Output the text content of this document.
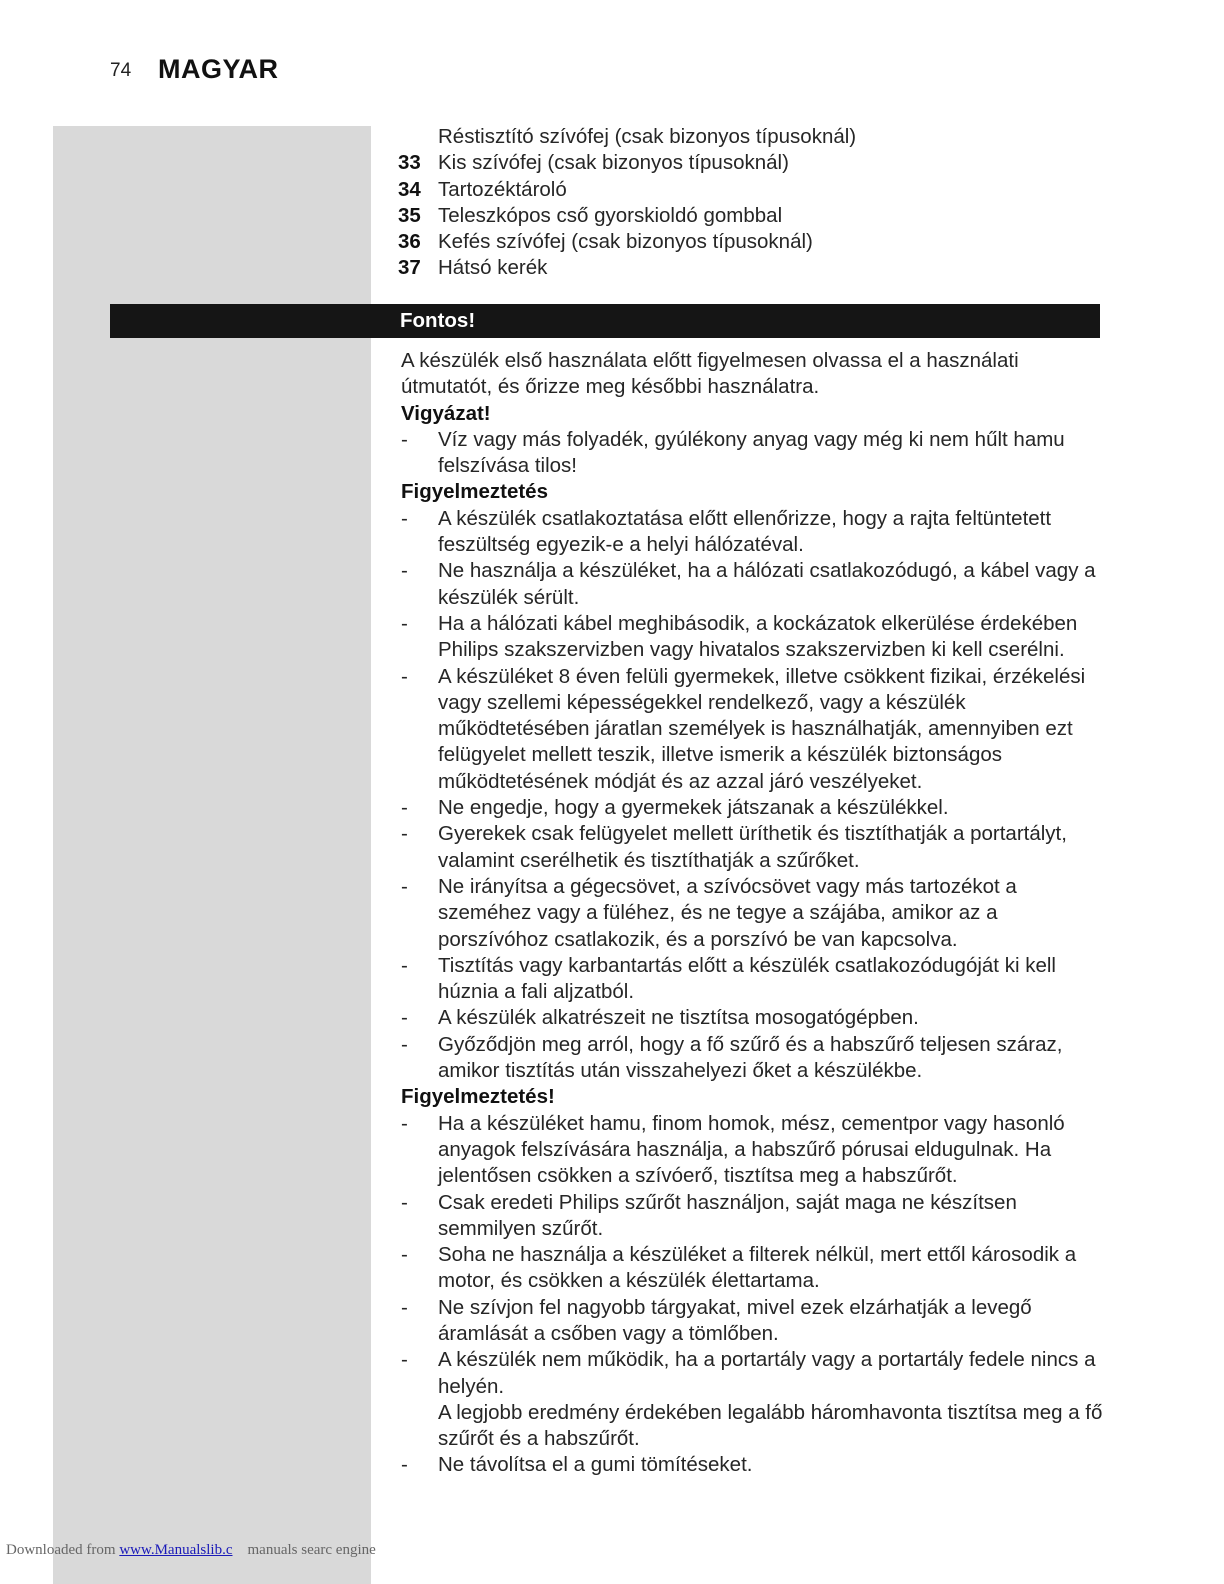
74 MAGYAR
Réstisztító szívófej (csak bizonyos típusoknál)
33 Kis szívófej (csak bizonyos típusoknál)
34 Tartozéktároló
35 Teleszkópos cső gyorskioldó gombbal
36 Kefés szívófej (csak bizonyos típusoknál)
37 Hátsó kerék
Fontos!

A készülék első használata előtt figyelmesen olvassa el a használati útmutatót, és őrizze meg későbbi használatra.

Vigyázat!

-	Víz vagy más folyadék, gyúlékony anyag vagy még ki nem hűlt hamu felszívása tilos!

Figyelmeztetés

-	A készülék csatlakoztatása előtt ellenőrizze, hogy a rajta feltüntetett feszültség egyezik-e a helyi hálózatéval.
-	Ne használja a készüléket, ha a hálózati csatlakozódugó, a kábel vagy a készülék sérült.
-	Ha a hálózati kábel meghibásodik, a kockázatok elkerülése érdekében Philips szakszervizben vagy hivatalos szakszervizben ki kell cserélni.
-	A készüléket 8 éven felüli gyermekek, illetve csökkent fizikai, érzékelési vagy szellemi képességekkel rendelkező, vagy a készülék működtetésében járatlan személyek is használhatják, amennyiben ezt felügyelet mellett teszik, illetve ismerik a készülék biztonságos működtetésének módját és az azzal járó veszélyeket.
-	Ne engedje, hogy a gyermekek játszanak a készülékkel.
-	Gyerekek csak felügyelet mellett üríthetik és tisztíthatják a portartályt, valamint cserélhetik és tisztíthatják a szűrőket.
-	Ne irányítsa a gégecsövet, a szívócsövet vagy más tartozékot a szeméhez vagy a füléhez, és ne tegye a szájába, amikor az a porszívóhoz csatlakozik, és a porszívó be van kapcsolva.
-	Tisztítás vagy karbantartás előtt a készülék csatlakozódugóját ki kell húznia a fali aljzatból.
-	A készülék alkatrészeit ne tisztítsa mosogatógépben.
-	Győződjön meg arról, hogy a fő szűrő és a habszűrő teljesen száraz, amikor tisztítás után visszahelyezi őket a készülékbe.

Figyelmeztetés!

-	Ha a készüléket hamu, finom homok, mész, cementpor vagy hasonló anyagok felszívására használja, a habszűrő pórusai eldugulnak. Ha jelentősen csökken a szívóerő, tisztítsa meg a habszűrőt.
-	Csak eredeti Philips szűrőt használjon, saját maga ne készítsen semmilyen szűrőt.
-	Soha ne használja a készüléket a filterek nélkül, mert ettől károsodik a motor, és csökken a készülék élettartama.
-	Ne szívjon fel nagyobb tárgyakat, mivel ezek elzárhatják a levegő áramlását a csőben vagy a tömlőben.
-	A készülék nem működik, ha a portartály vagy a portartály fedele nincs a helyén.

A legjobb eredmény érdekében legalább háromhavonta tisztítsa meg a fő szűrőt és a habszűrőt.

-	Ne távolítsa el a gumi tömítéseket.
Downloaded from www.Manualslib.c manuals searc engine
